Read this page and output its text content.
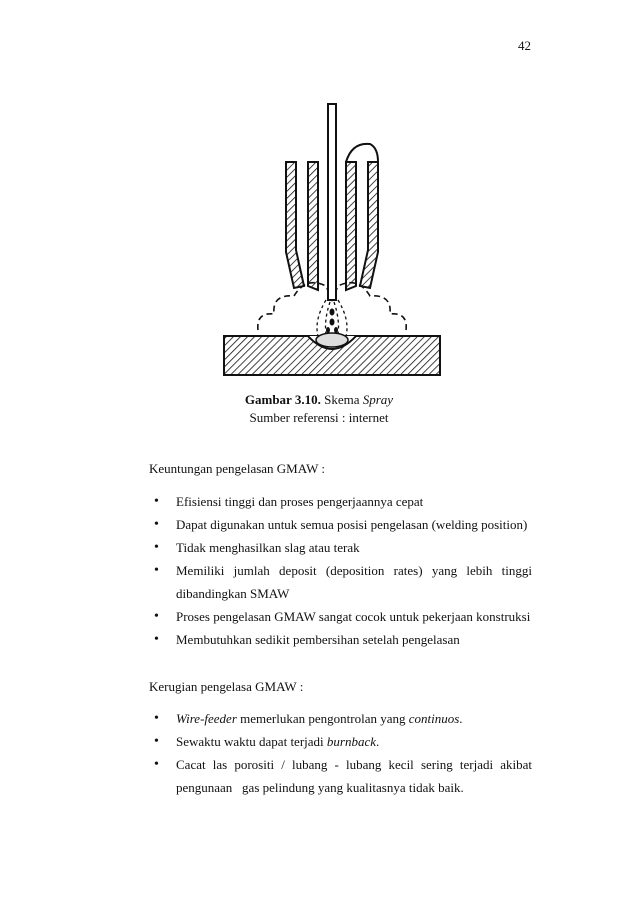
42
Gambar 3.10. Skema Spray
Sumber referensi : internet
Keuntungan pengelasan GMAW :
• Efisiensi tinggi dan proses pengerjaannya cepat
• Dapat digunakan untuk semua posisi pengelasan (welding position)
• Tidak menghasilkan slag atau terak
• Memiliki jumlah deposit (deposition rates) yang lebih tinggi
dibandingkan SMAW
• Proses pengelasan GMAW sangat cocok untuk pekerjaan konstruksi
• Membutuhkan sedikit pembersihan setelah pengelasan
Kerugian pengelasa GMAW :
• Wire-feeder memerlukan pengontrolan yang continuos.
• Sewaktu waktu dapat terjadi burnback.
• Cacat las porositi / lubang - lubang kecil sering terjadi akibat
pengunaan   gas pelindung yang kualitasnya tidak baik.
